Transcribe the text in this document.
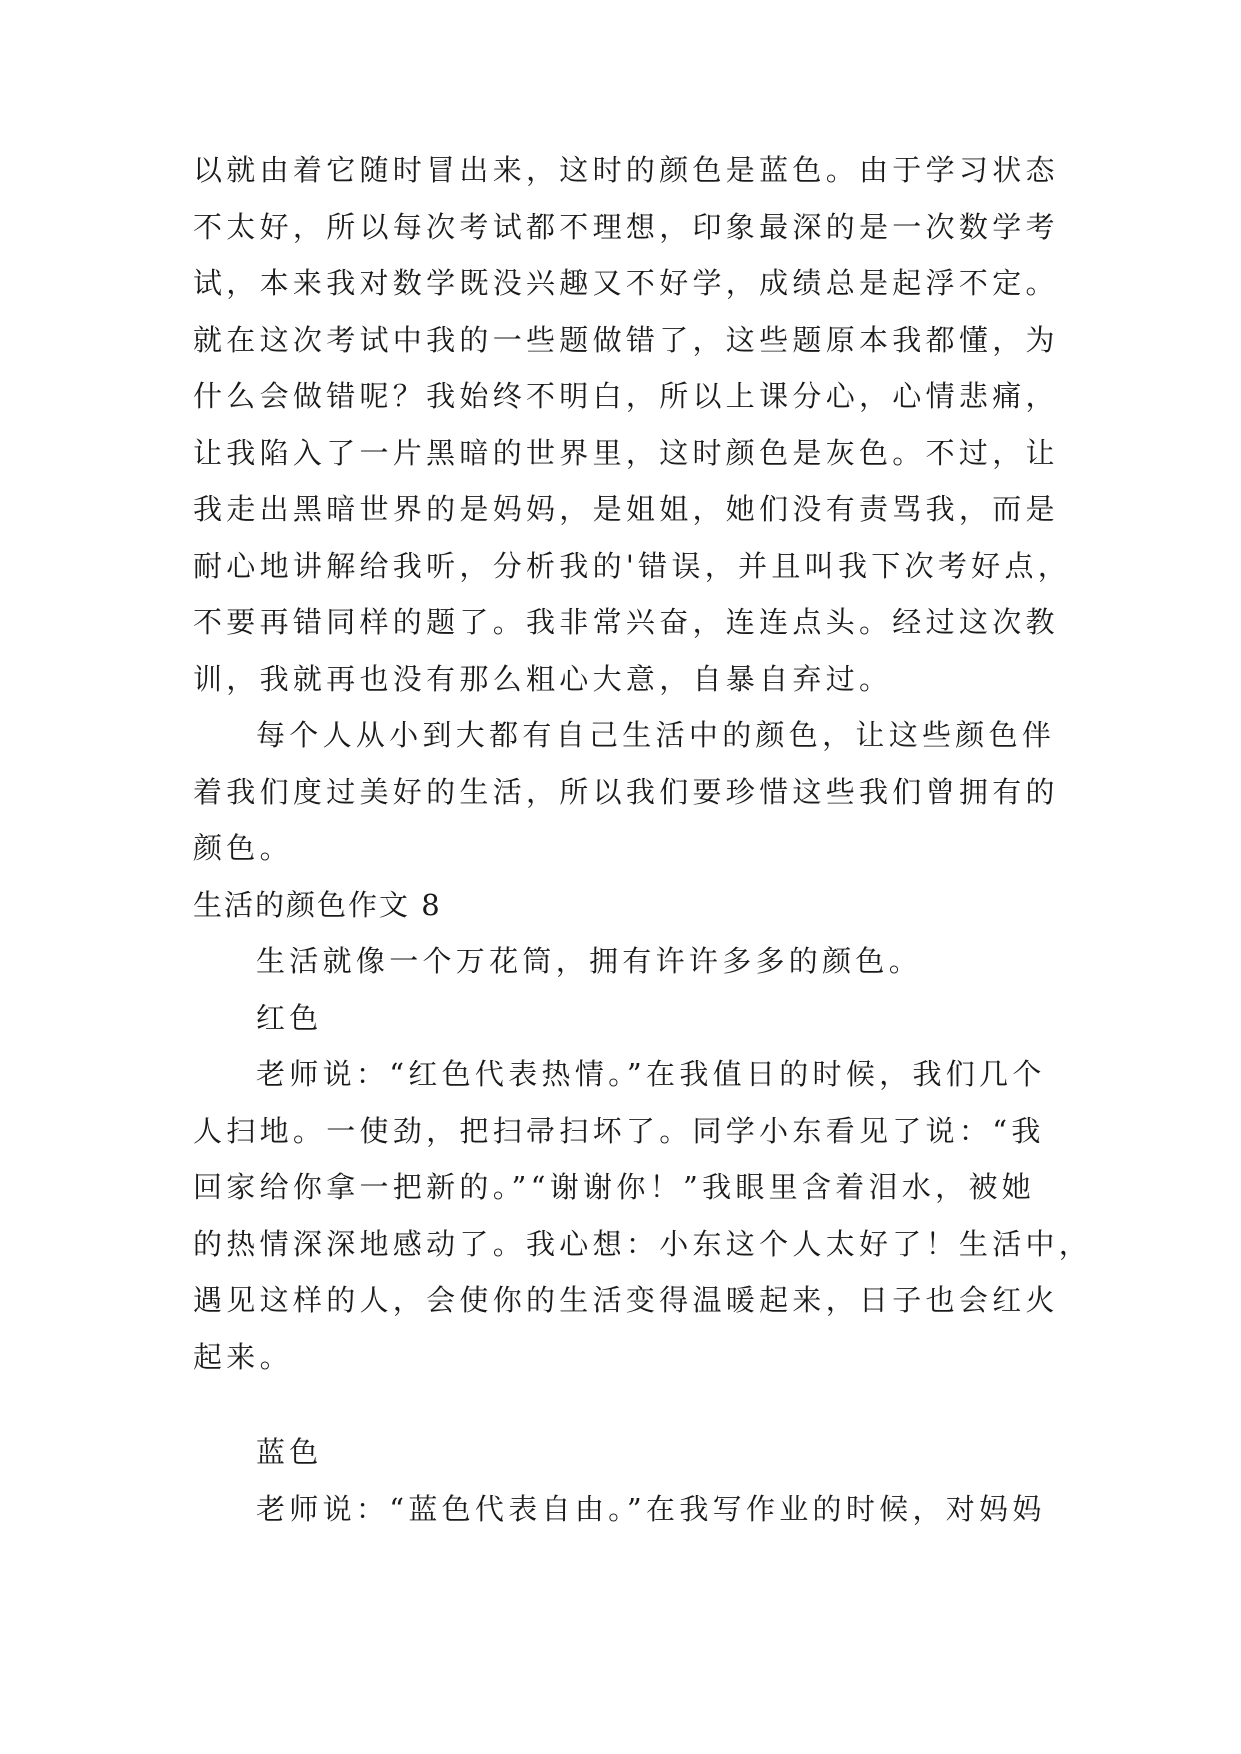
以就由着它随时冒出来，这时的颜色是蓝色。由于学习状态
不太好，所以每次考试都不理想，印象最深的是一次数学考
试，本来我对数学既没兴趣又不好学，成绩总是起浮不定。
就在这次考试中我的一些题做错了，这些题原本我都懂，为
什么会做错呢？我始终不明白，所以上课分心，心情悲痛，
让我陷入了一片黑暗的世界里，这时颜色是灰色。不过，让
我走出黑暗世界的是妈妈，是姐姐，她们没有责骂我，而是
耐心地讲解给我听，分析我的'错误，并且叫我下次考好点，
不要再错同样的题了。我非常兴奋，连连点头。经过这次教
训，我就再也没有那么粗心大意，自暴自弃过。
每个人从小到大都有自己生活中的颜色，让这些颜色伴
着我们度过美好的生活，所以我们要珍惜这些我们曾拥有的
颜色。
生活的颜色作文 8
生活就像一个万花筒，拥有许许多多的颜色。
红色
老师说：“红色代表热情。”在我值日的时候，我们几个
人扫地。一使劲，把扫帚扫坏了。同学小东看见了说：“我
回家给你拿一把新的。”“谢谢你！”我眼里含着泪水，被她
的热情深深地感动了。我心想：小东这个人太好了！生活中，
遇见这样的人，会使你的生活变得温暖起来，日子也会红火
起来。
蓝色
老师说：“蓝色代表自由。”在我写作业的时候，对妈妈
